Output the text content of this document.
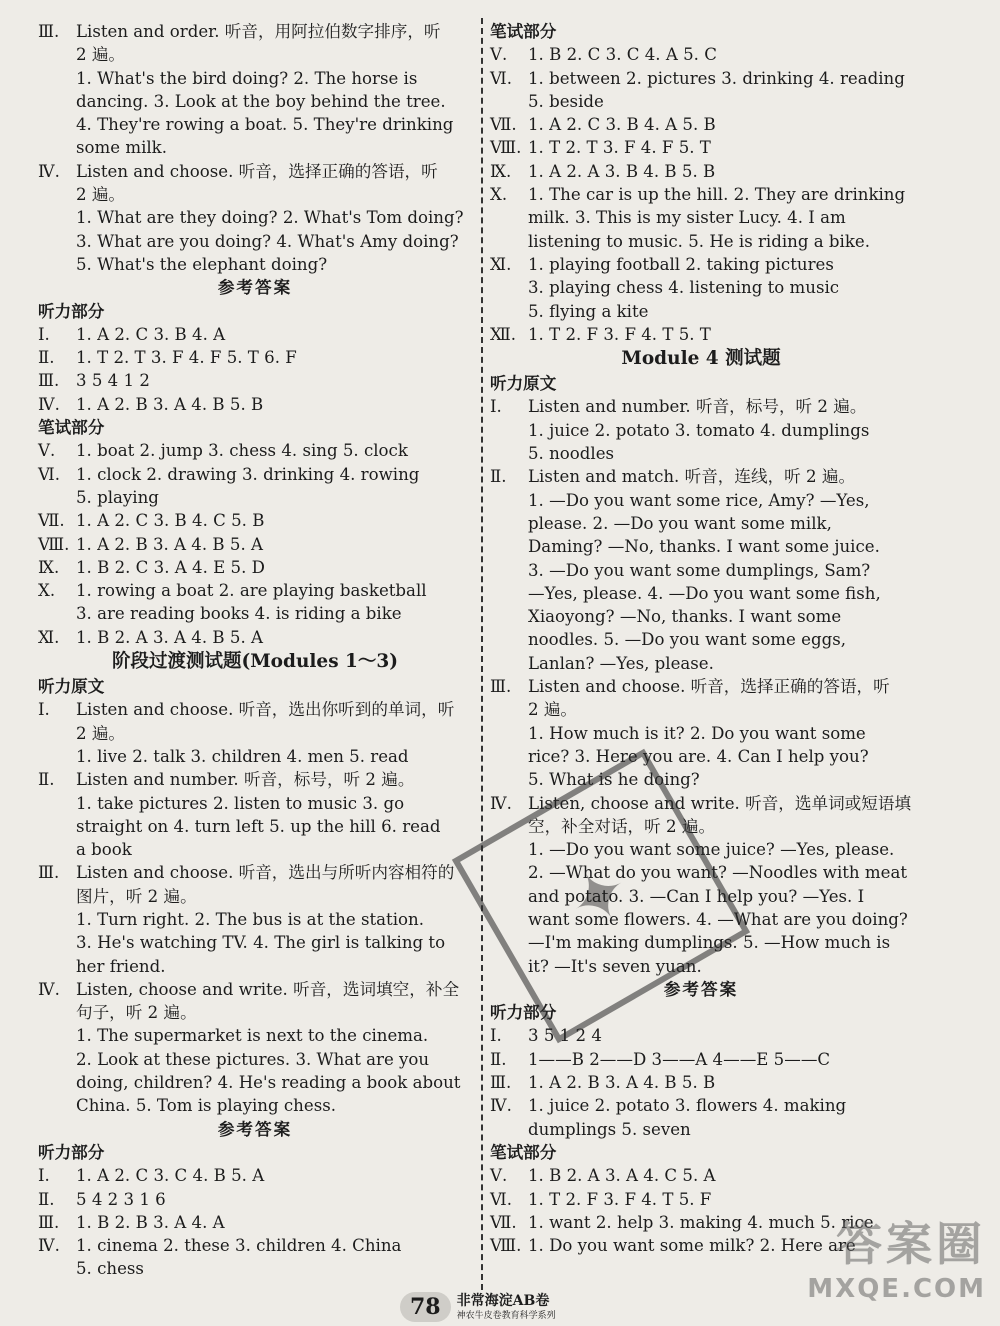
Ⅲ.	Listen and order. 听音，用阿拉伯数字排序，听
2 遍。
1. What's the bird doing? 2. The horse is
dancing. 3. Look at the boy behind the tree.
4. They're rowing a boat. 5. They're drinking
some milk.
Ⅳ. Listen and choose. 听音，选择正确的答语，听
2 遍。
1. What are they doing? 2. What's Tom doing?
3. What are you doing? 4. What's Amy doing?
5. What's the elephant doing?
参考答案
听力部分
Ⅰ.	1. A 2. C 3. B 4. A
Ⅱ.	1. T 2. T 3. F 4. F 5. T 6. F
Ⅲ.	3 5 4 1 2
Ⅳ. 1. A 2. B 3. A 4. B 5. B
笔试部分
Ⅴ.	1. boat 2. jump 3. chess 4. sing 5. clock
Ⅵ. 1. clock 2. drawing 3. drinking 4. rowing
5. playing
Ⅶ. 1. A 2. C 3. B 4. C 5. B
Ⅷ. 1. A 2. B 3. A 4. B 5. A
Ⅸ.	1. B 2. C 3. A 4. E 5. D
Ⅹ.	1. rowing a boat 2. are playing basketball
3. are reading books 4. is riding a bike
Ⅺ.	1. B 2. A 3. A 4. B 5. A
阶段过渡测试题(Modules 1～3)
听力原文
Ⅰ.	Listen and choose. 听音，选出你听到的单词，听
2 遍。
1. live 2. talk 3. children 4. men 5. read
Ⅱ.	Listen and number. 听音，标号，听 2 遍。
1. take pictures 2. listen to music 3. go
straight on 4. turn left 5. up the hill 6. read
a book
Ⅲ.	Listen and choose. 听音，选出与所听内容相符的
图片，听 2 遍。
1. Turn right. 2. The bus is at the station.
3. He's watching TV. 4. The girl is talking to
her friend.
Ⅳ. Listen, choose and write. 听音，选词填空，补全
句子，听 2 遍。
1. The supermarket is next to the cinema.
2. Look at these pictures. 3. What are you
doing, children? 4. He's reading a book about
China. 5. Tom is playing chess.
参考答案
听力部分
Ⅰ.	1. A 2. C 3. C 4. B 5. A
Ⅱ.	5 4 2 3 1 6
Ⅲ.	1. B 2. B 3. A 4. A
Ⅳ. 1. cinema 2. these 3. children 4. China
5. chess
笔试部分
Ⅴ.	1. B 2. C 3. C 4. A 5. C
Ⅵ. 1. between 2. pictures 3. drinking 4. reading
5. beside
Ⅶ. 1. A 2. C 3. B 4. A 5. B
Ⅷ. 1. T 2. T 3. F 4. F 5. T
Ⅸ.	1. A 2. A 3. B 4. B 5. B
Ⅹ.	1. The car is up the hill. 2. They are drinking
milk. 3. This is my sister Lucy. 4. I am
listening to music. 5. He is riding a bike.
Ⅺ.	1. playing football 2. taking pictures
3. playing chess 4. listening to music
5. flying a kite
Ⅻ. 1. T 2. F 3. F 4. T 5. T
Module 4 测试题
听力原文
Ⅰ.	Listen and number. 听音，标号，听 2 遍。
1. juice 2. potato 3. tomato 4. dumplings
5. noodles
Ⅱ.	Listen and match. 听音，连线，听 2 遍。
1. —Do you want some rice, Amy? —Yes,
please. 2. —Do you want some milk,
Daming? —No, thanks. I want some juice.
3. —Do you want some dumplings, Sam?
—Yes, please. 4. —Do you want some fish,
Xiaoyong? —No, thanks. I want some
noodles. 5. —Do you want some eggs,
Lanlan? —Yes, please.
Ⅲ.	Listen and choose. 听音，选择正确的答语，听
2 遍。
1. How much is it? 2. Do you want some
rice? 3. Here you are. 4. Can I help you?
5. What is he doing?
Ⅳ. Listen, choose and write. 听音，选单词或短语填
空，补全对话，听 2 遍。
1. —Do you want some juice? —Yes, please.
2. —What do you want? —Noodles with meat
and potato. 3. —Can I help you? —Yes. I
want some flowers. 4. —What are you doing?
—I'm making dumplings. 5. —How much is
it? —It's seven yuan.
参考答案
听力部分
Ⅰ.	3 5 1 2 4
Ⅱ.	1——B 2——D 3——A 4——E 5——C
Ⅲ.	1. A 2. B 3. A 4. B 5. B
Ⅳ. 1. juice 2. potato 3. flowers 4. making
dumplings 5. seven
笔试部分
Ⅴ.	1. B 2. A 3. A 4. C 5. A
Ⅵ. 1. T 2. F 3. F 4. T 5. F
Ⅶ. 1. want 2. help 3. making 4. much 5. rice
Ⅷ. 1. Do you want some milk? 2. Here are
✦
答案圈
MXQE.COM
78	非常海淀AB卷
神农牛皮卷教育科学系列
